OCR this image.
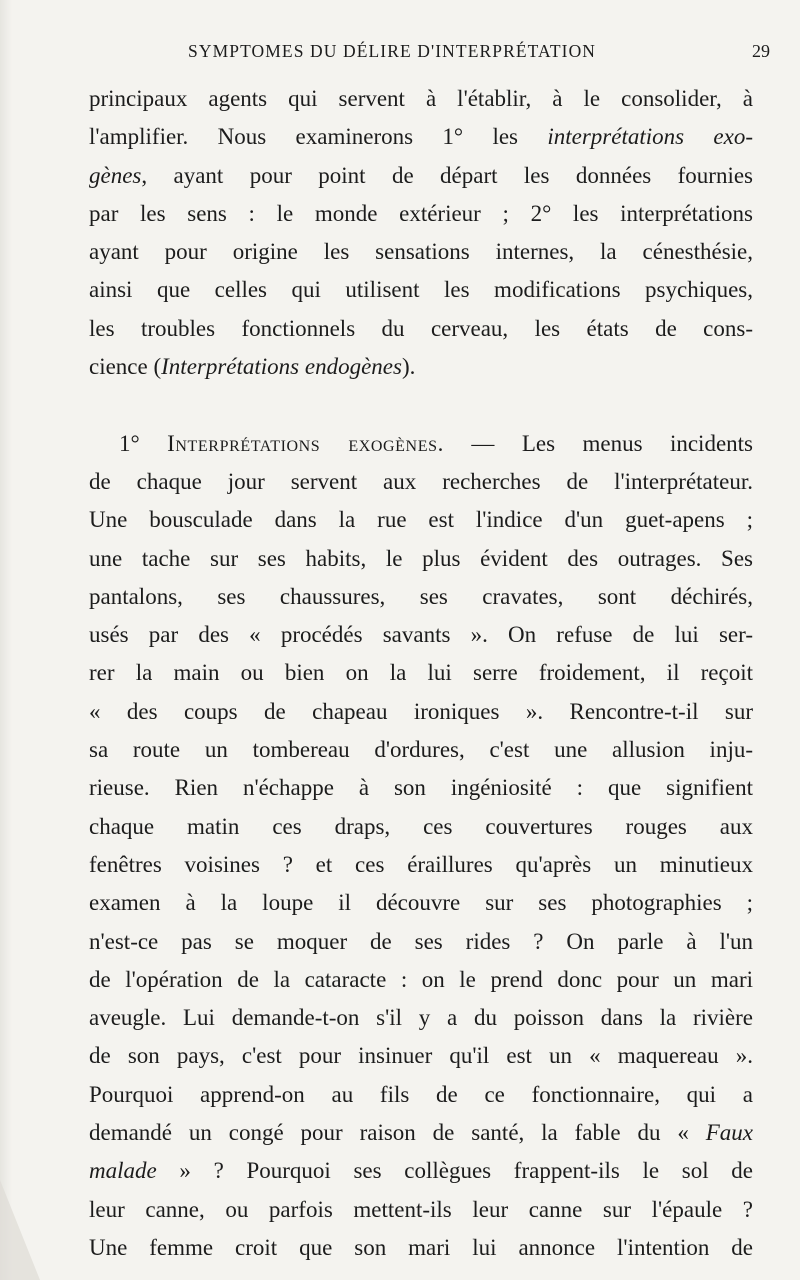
SYMPTOMES DU DÉLIRE D'INTERPRÉTATION	29
principaux agents qui servent à l'établir, à le consolider, à
l'amplifier. Nous examinerons 1° les interprétations exo-
gènes, ayant pour point de départ les données fournies
par les sens : le monde extérieur ; 2° les interprétations
ayant pour origine les sensations internes, la cénesthésie,
ainsi que celles qui utilisent les modifications psychiques,
les troubles fonctionnels du cerveau, les états de cons-
cience (Interprétations endogènes).
1° Interprétations exogènes. — Les menus incidents
de chaque jour servent aux recherches de l'interprétateur.
Une bousculade dans la rue est l'indice d'un guet-apens ;
une tache sur ses habits, le plus évident des outrages. Ses
pantalons, ses chaussures, ses cravates, sont déchirés,
usés par des « procédés savants ». On refuse de lui ser-
rer la main ou bien on la lui serre froidement, il reçoit
« des coups de chapeau ironiques ». Rencontre-t-il sur
sa route un tombereau d'ordures, c'est une allusion inju-
rieuse. Rien n'échappe à son ingéniosité : que signifient
chaque matin ces draps, ces couvertures rouges aux
fenêtres voisines ? et ces éraillures qu'après un minutieux
examen à la loupe il découvre sur ses photographies ;
n'est-ce pas se moquer de ses rides ? On parle à l'un
de l'opération de la cataracte : on le prend donc pour un mari
aveugle. Lui demande-t-on s'il y a du poisson dans la rivière
de son pays, c'est pour insinuer qu'il est un « maquereau ».
Pourquoi apprend-on au fils de ce fonctionnaire, qui a
demandé un congé pour raison de santé, la fable du « Faux
malade » ? Pourquoi ses collègues frappent-ils le sol de
leur canne, ou parfois mettent-ils leur canne sur l'épaule ?
Une femme croit que son mari lui annonce l'intention de
